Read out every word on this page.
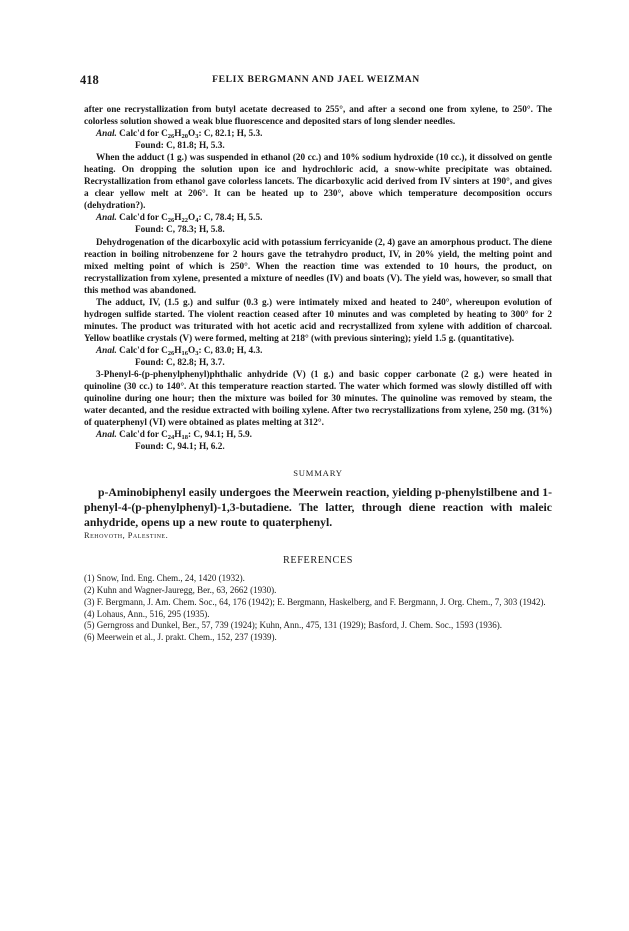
418	FELIX BERGMANN AND JAEL WEIZMAN

after one recrystallization from butyl acetate decreased to 255°, and after a second one from xylene, to 250°. The colorless solution showed a weak blue fluorescence and deposited stars of long slender needles.

Anal. Calc'd for $C_{26}H_{20}O_3$: C, 82.1; H, 5.3.

Found: C, 81.8; H, 5.3.

When the adduct (1 g.) was suspended in ethanol (20 cc.) and 10% sodium hydroxide (10 cc.), it dissolved on gentle heating. On dropping the solution upon ice and hydrochloric acid, a snow-white precipitate was obtained. Recrystallization from ethanol gave colorless lancets. The dicarboxylic acid derived from IV sinters at 190°, and gives a clear yellow melt at 206°. It can be heated up to 230°, above which temperature decomposition occurs (dehydration?).

Anal. Calc'd for $C_{26}H_{22}O_4$: C, 78.4; H, 5.5.

Found: C, 78.3; H, 5.8.

Dehydrogenation of the dicarboxylic acid with potassium ferricyanide (2, 4) gave an amorphous product. The diene reaction in boiling nitrobenzene for 2 hours gave the tetrahydro product, IV, in 20% yield, the melting point and mixed melting point of which is 250°. When the reaction time was extended to 10 hours, the product, on recrystallization from xylene, presented a mixture of needles (IV) and boats (V). The yield was, however, so small that this method was abandoned.

The adduct, IV, (1.5 g.) and sulfur (0.3 g.) were intimately mixed and heated to 240°, whereupon evolution of hydrogen sulfide started. The violent reaction ceased after 10 minutes and was completed by heating to 300° for 2 minutes. The product was triturated with hot acetic acid and recrystallized from xylene with addition of charcoal. Yellow boatlike crystals (V) were formed, melting at 218° (with previous sintering); yield 1.5 g. (quantitative).

Anal. Calc'd for $C_{26}H_{16}O_3$: C, 83.0; H, 4.3.

Found: C, 82.8; H, 3.7.

3-Phenyl-6-(p-phenylphenyl)phthalic anhydride (V) (1 g.) and basic copper carbonate (2 g.) were heated in quinoline (30 cc.) to 140°. At this temperature reaction started. The water which formed was slowly distilled off with quinoline during one hour; then the mixture was boiled for 30 minutes. The quinoline was removed by steam, the water decanted, and the residue extracted with boiling xylene. After two recrystallizations from xylene, 250 mg. (31%) of quaterphenyl (VI) were obtained as plates melting at 312°.

Anal. Calc'd for $C_{24}H_{18}$: C, 94.1; H, 5.9.

Found: C, 94.1; H, 6.2.

SUMMARY

p-Aminobiphenyl easily undergoes the Meerwein reaction, yielding p-phenylstilbene and 1-phenyl-4-(p-phenylphenyl)-1,3-butadiene. The latter, through diene reaction with maleic anhydride, opens up a new route to quaterphenyl.

Rehovoth, Palestine.

REFERENCES

(1) Snow, Ind. Eng. Chem., 24, 1420 (1932).

(2) Kuhn and Wagner-Jauregg, Ber., 63, 2662 (1930).

(3) F. Bergmann, J. Am. Chem. Soc., 64, 176 (1942); E. Bergmann, Haskelberg, and F. Bergmann, J. Org. Chem., 7, 303 (1942).

(4) Lohaus, Ann., 516, 295 (1935).

(5) Gerngross and Dunkel, Ber., 57, 739 (1924); Kuhn, Ann., 475, 131 (1929); Basford, J. Chem. Soc., 1593 (1936).

(6) Meerwein et al., J. prakt. Chem., 152, 237 (1939).
